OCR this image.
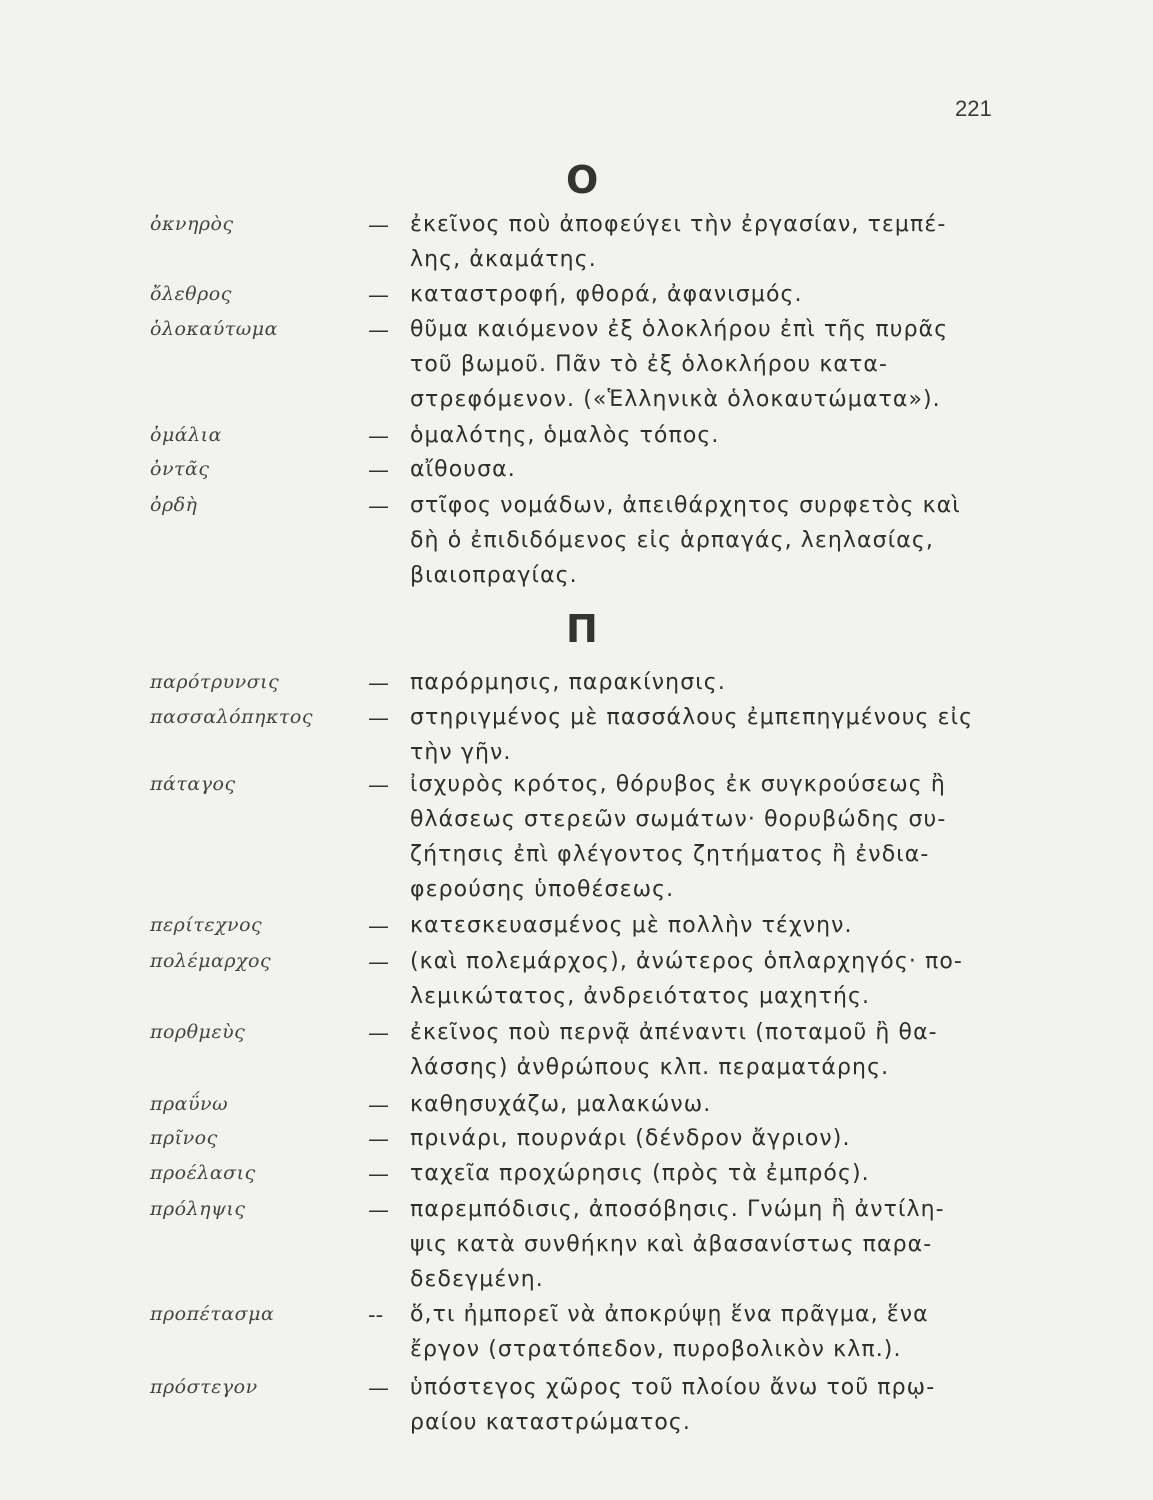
221
Ο
ὀκνηρὸς	— ἐκεῖνος ποὺ ἀποφεύγει τὴν ἐργασίαν, τεμπέ-
λης, ἀκαμάτης.
ὄλεθρος	— καταστροφή, φθορά, ἀφανισμός.
ὁλοκαύτωμα	— θῦμα καιόμενον ἐξ ὁλοκλήρου ἐπὶ τῆς πυρᾶς
τοῦ βωμοῦ. Πᾶν τὸ ἐξ ὁλοκλήρου κατα-
στρεφόμενον. («Ἑλληνικὰ ὁλοκαυτώματα»).
ὁμάλια	— ὁμαλότης, ὁμαλὸς τόπος.
ὀντᾶς	— αἴθουσα.
ὀρδὴ	— στῖφος νομάδων, ἀπειθάρχητος συρφετὸς καὶ
δὴ ὁ ἐπιδιδόμενος εἰς ἁρπαγάς, λεηλασίας,
βιαιοπραγίας.
Π
παρότρυνσις	— παρόρμησις, παρακίνησις.
πασσαλόπηκτος	— στηριγμένος μὲ πασσάλους ἐμπεπηγμένους εἰς
τὴν γῆν.
πάταγος	— ἰσχυρὸς κρότος, θόρυβος ἐκ συγκρούσεως ἢ
θλάσεως στερεῶν σωμάτων· θορυβώδης συ-
ζήτησις ἐπὶ φλέγοντος ζητήματος ἢ ἐνδια-
φερούσης ὑποθέσεως.
περίτεχνος	— κατεσκευασμένος μὲ πολλὴν τέχνην.
πολέμαρχος	— (καὶ πολεμάρχος), ἀνώτερος ὁπλαρχηγός· πο-
λεμικώτατος, ἀνδρειότατος μαχητής.
πορθμεὺς	— ἐκεῖνος ποὺ περνᾷ ἀπέναντι (ποταμοῦ ἢ θα-
λάσσης) ἀνθρώπους κλπ. περαματάρης.
πραΰνω	— καθησυχάζω, μαλακώνω.
πρῖνος	— πρινάρι, πουρνάρι (δένδρον ἄγριον).
προέλασις	— ταχεῖα προχώρησις (πρὸς τὰ ἐμπρός).
πρόληψις	— παρεμπόδισις, ἀποσόβησις. Γνώμη ἢ ἀντίλη-
ψις κατὰ συνθήκην καὶ ἀβασανίστως παρα-
δεδεγμένη.
προπέτασμα	-- ὅ,τι ἠμπορεῖ νὰ ἀποκρύψῃ ἕνα πρᾶγμα, ἕνα
ἔργον (στρατόπεδον, πυροβολικὸν κλπ.).
πρόστεγον	— ὑπόστεγος χῶρος τοῦ πλοίου ἄνω τοῦ πρῳ-
ραίου καταστρώματος.
